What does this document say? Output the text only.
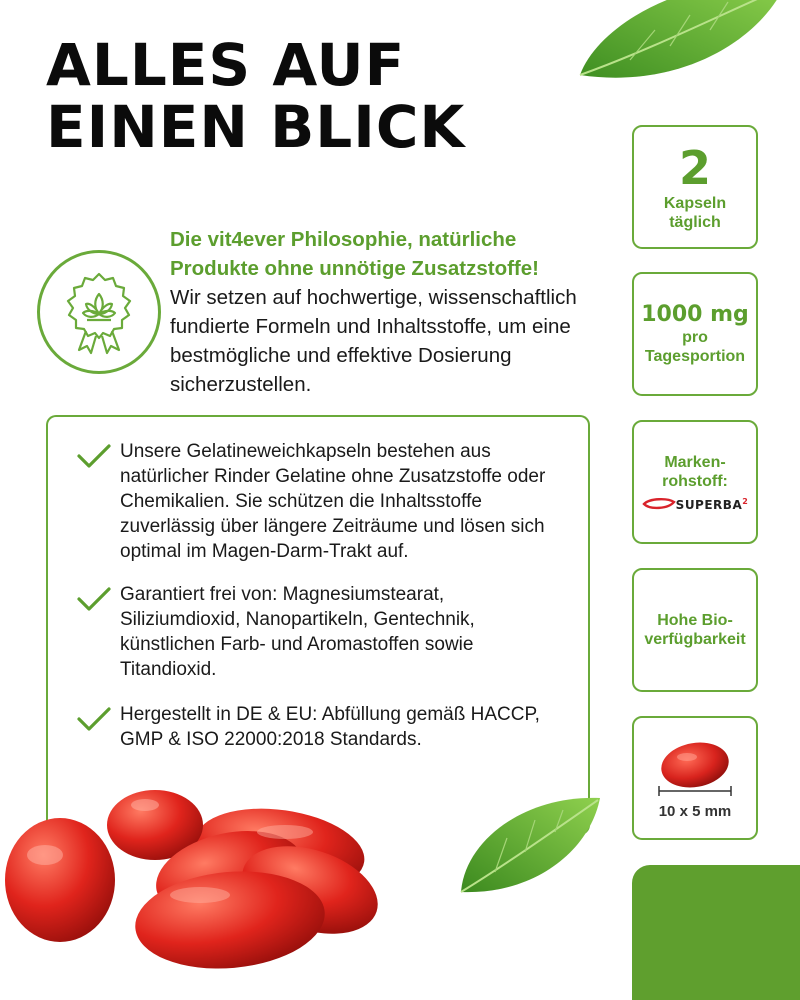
ALLES AUF
EINEN BLICK
Die vit4ever Philosophie, natürliche
Produkte ohne unnötige Zusatzstoffe!
Wir setzen auf hochwertige, wissenschaftlich fundierte Formeln und Inhaltsstoffe, um eine bestmögliche und effektive Dosierung sicherzustellen.
Unsere Gelatineweichkapseln bestehen aus natürlicher Rinder Gelatine ohne Zusatzstoffe oder Chemikalien. Sie schützen die Inhaltsstoffe zuverlässig über längere Zeiträume und lösen sich optimal im Magen-Darm-Trakt auf.
Garantiert frei von: Magnesiumstearat, Siliziumdioxid, Nanopartikeln, Gentechnik, künstlichen Farb- und Aromastoffen sowie Titandioxid.
Hergestellt in DE & EU: Abfüllung gemäß HACCP, GMP & ISO 22000:2018 Standards.
2
Kapseln
täglich
1000 mg
pro
Tagesportion
Marken-
rohstoff:
SUPERBA$^2$
Hohe Bio-
verfügbarkeit
10 x 5 mm
